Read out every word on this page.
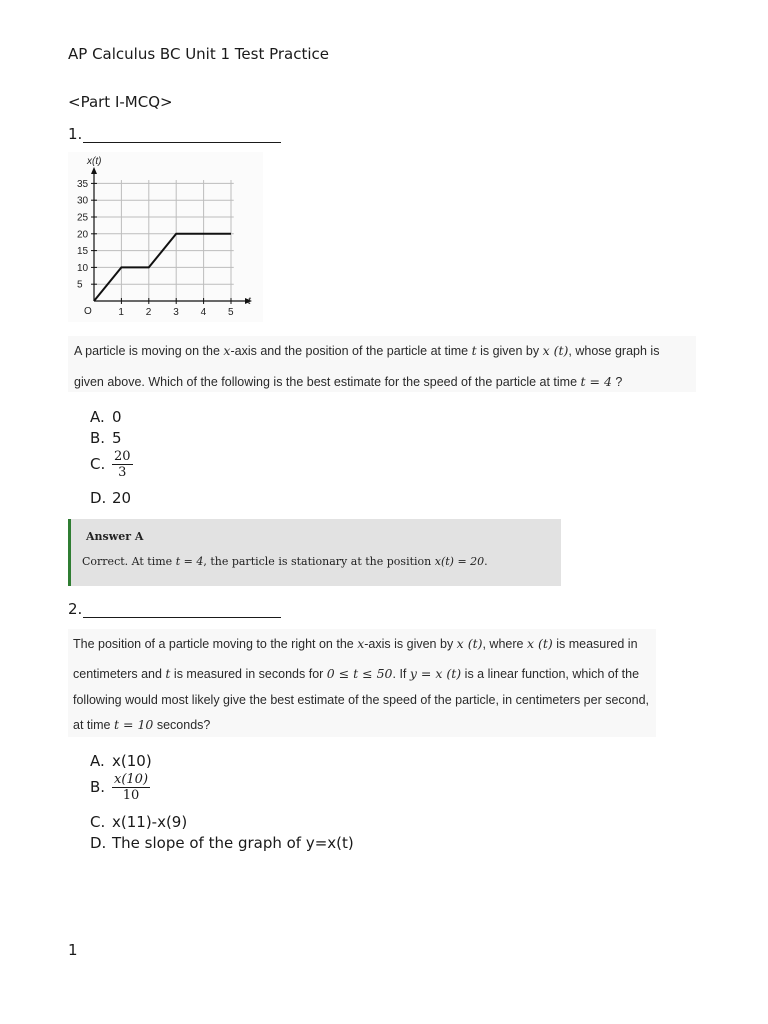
AP Calculus BC Unit 1 Test Practice
<Part I-MCQ>
1.
1 2 3 4 5
5
10
15
20
25
30
35
x(t)
t
O

A particle is moving on the x-axis and the position of the particle at time t is given by x (t), whose graph is

given above. Which of the following is the best estimate for the speed of the particle at time t = 4 ?

A. 0
B. 5
C. $\frac{20}{3}$
D. 20
Answer A
Correct. At time t = 4, the particle is stationary at the position x(t) = 20.
2.

The position of a particle moving to the right on the x-axis is given by x (t), where x (t) is measured in

centimeters and t is measured in seconds for 0 ≤ t ≤ 50. If y = x (t) is a linear function, which of the

following would most likely give the best estimate of the speed of the particle, in centimeters per second,

at time t = 10 seconds?

A. x(10)
B. $\frac{x(10)}{10}$
C. x(11)-x(9)
D. The slope of the graph of y=x(t)
1
